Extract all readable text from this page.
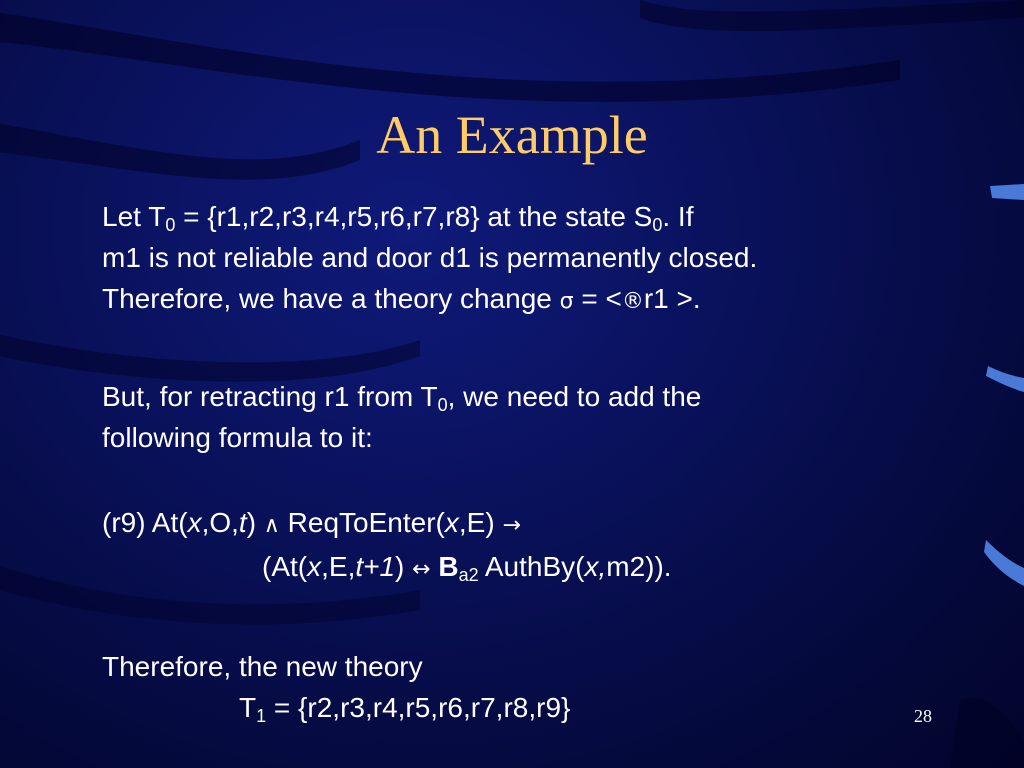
An Example

Let $T_0 = \{r1,r2,r3,r4,r5,r6,r7,r8\}$ at the state $S_0$. If

m1 is not reliable and door d1 is permanently closed.

Therefore, we have a theory change σ = <®r1 >.

But, for retracting r1 from $T_0$, we need to add the

following formula to it:

(r9) At(x,O,t) ∧ ReqToEnter(x,E) →

(At(x,E,t+1) ↔ $B_{a2}$ AuthBy(x,m2)).

Therefore, the new theory

$T_1 = \{r2,r3,r4,r5,r6,r7,r8,r9\}$	28
